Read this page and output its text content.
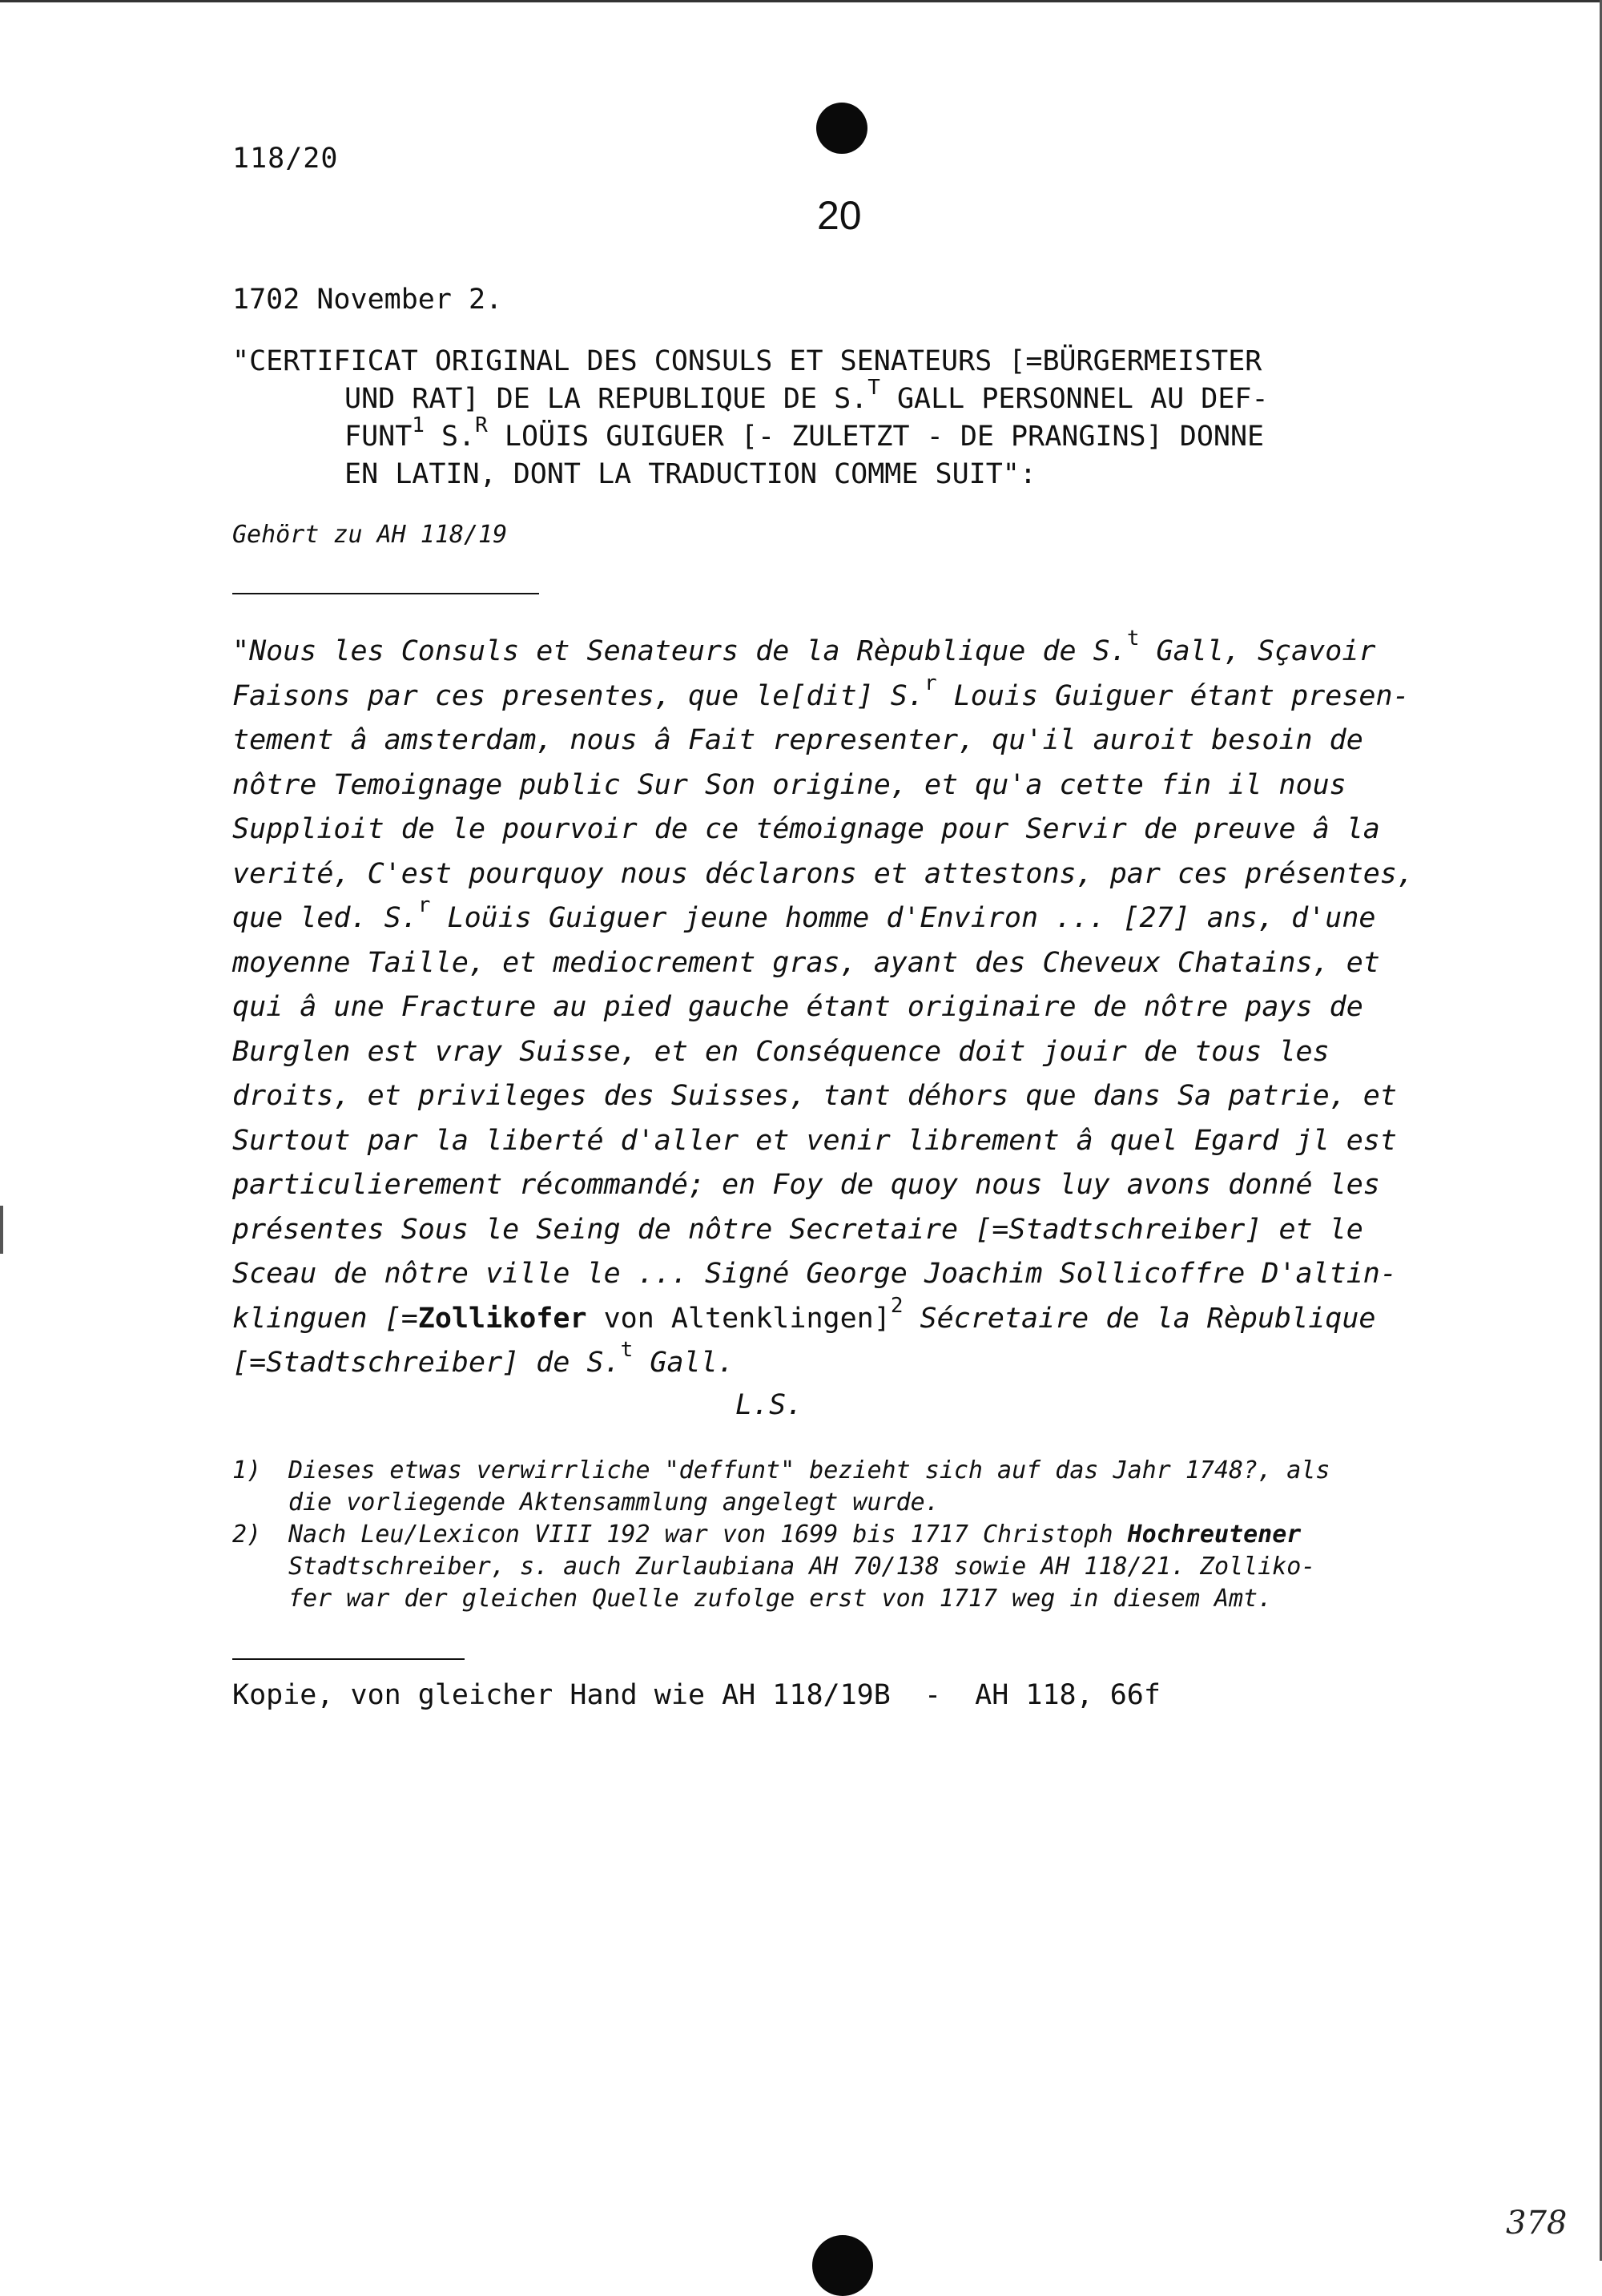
118/20
20
1702 November 2.
"CERTIFICAT ORIGINAL DES CONSULS ET SENATEURS [=BÜRGERMEISTER
UND RAT] DE LA REPUBLIQUE DE S.$^T$ GALL PERSONNEL AU DEF-
FUNT$^1$ S.$^R$ LOÜIS GUIGUER [- ZULETZT - DE PRANGINS] DONNE
EN LATIN, DONT LA TRADUCTION COMME SUIT":
Gehört zu AH 118/19
"Nous les Consuls et Senateurs de la Rèpublique de S.$^t$ Gall, Sçavoir
Faisons par ces presentes, que le[dit] S.$^r$ Louis Guiguer étant presen-
tement â amsterdam, nous â Fait representer, qu'il auroit besoin de
nôtre Temoignage public Sur Son origine, et qu'a cette fin il nous
Supplioit de le pourvoir de ce témoignage pour Servir de preuve â la
verité, C'est pourquoy nous déclarons et attestons, par ces présentes,
que led. S.$^r$ Loüis Guiguer jeune homme d'Environ ... [27] ans, d'une
moyenne Taille, et mediocrement gras, ayant des Cheveux Chatains, et
qui â une Fracture au pied gauche étant originaire de nôtre pays de
Burglen est vray Suisse, et en Conséquence doit jouir de tous les
droits, et privileges des Suisses, tant déhors que dans Sa patrie, et
Surtout par la liberté d'aller et venir librement â quel Egard jl est
particulierement récommandé; en Foy de quoy nous luy avons donné les
présentes Sous le Seing de nôtre Secretaire [=Stadtschreiber] et le
Sceau de nôtre ville le ... Signé George Joachim Sollicoffre D'altin-
klinguen [=Zollikofer von Altenklingen]$^2$ Sécretaire de la Rèpublique
[=Stadtschreiber] de S.$^t$ Gall.
L.S.
1)	Dieses etwas verwirrliche "deffunt" bezieht sich auf das Jahr 1748?, als
die vorliegende Aktensammlung angelegt wurde.
2)	Nach Leu/Lexicon VIII 192 war von 1699 bis 1717 Christoph Hochreutener
Stadtschreiber, s. auch Zurlaubiana AH 70/138 sowie AH 118/21. Zolliko-
fer war der gleichen Quelle zufolge erst von 1717 weg in diesem Amt.
Kopie, von gleicher Hand wie AH 118/19B  -  AH 118, 66f
378
